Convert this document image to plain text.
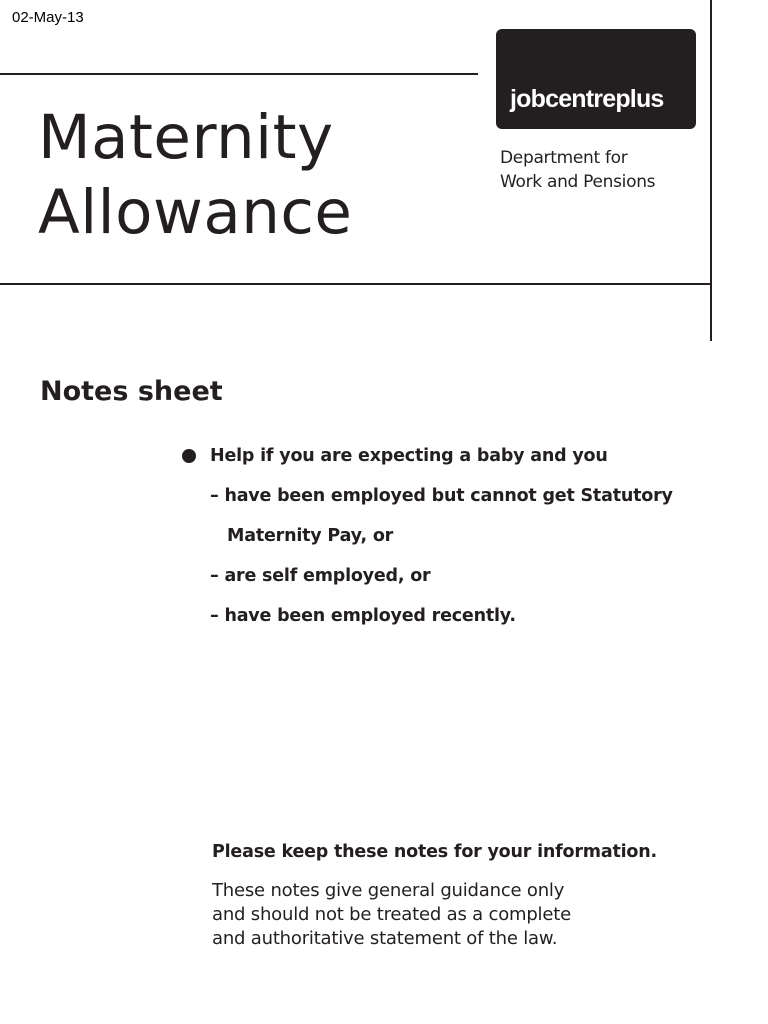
02-May-13
Maternity
Allowance
jobcentreplus
Department for
Work and Pensions
Notes sheet
Help if you are expecting a baby and you
– have been employed but cannot get Statutory
Maternity Pay, or
– are self employed, or
– have been employed recently.
Please keep these notes for your information.
These notes give general guidance only
and should not be treated as a complete
and authoritative statement of the law.
